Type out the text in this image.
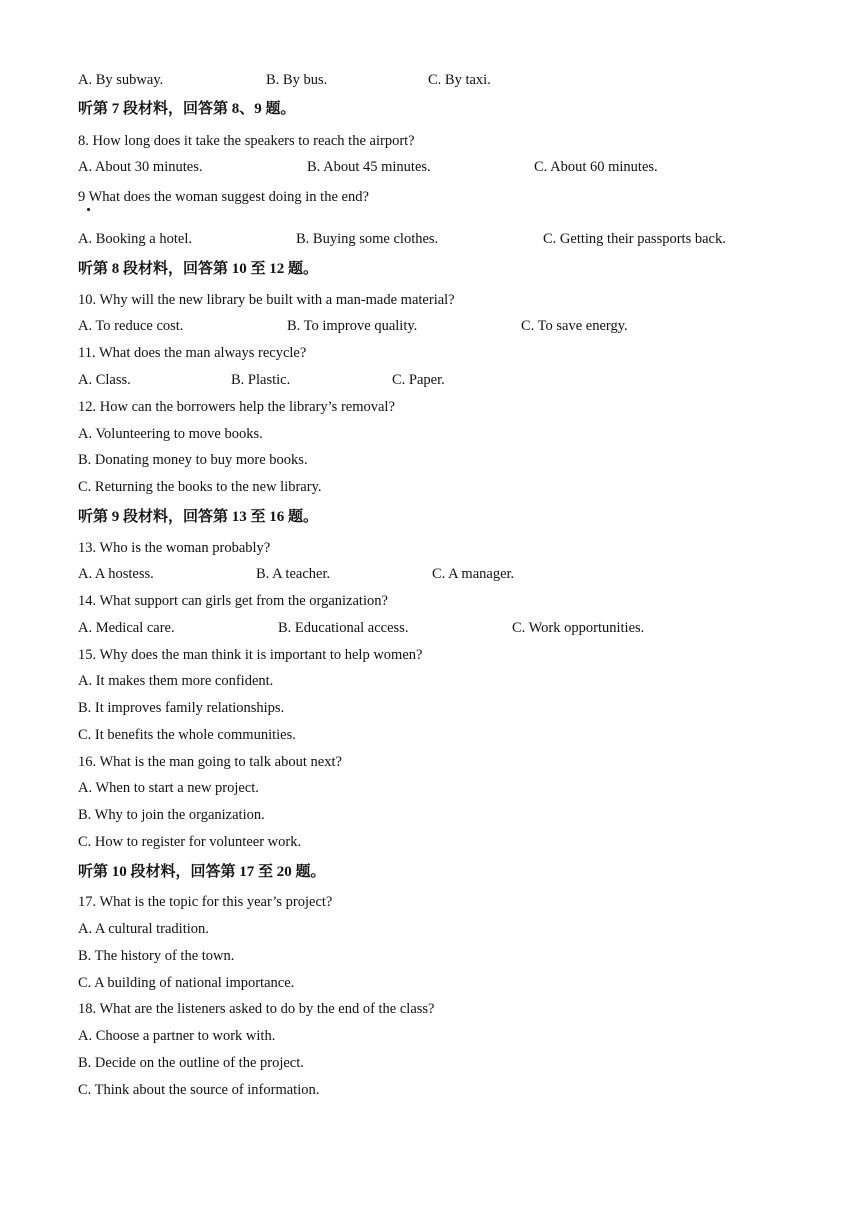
A. By subway.	B. By bus.	C. By taxi.
听第 7 段材料，回答第 8、9 题。
8. How long does it take the speakers to reach the airport?
A. About 30 minutes.	B. About 45 minutes.	C. About 60 minutes.
9 What does the woman suggest doing in the end?
A. Booking a hotel.	B. Buying some clothes.	C. Getting their passports back.
听第 8 段材料，回答第 10 至 12 题。
10. Why will the new library be built with a man-made material?
A. To reduce cost.	B. To improve quality.	C. To save energy.
11. What does the man always recycle?
A. Class.	B. Plastic.	C. Paper.
12. How can the borrowers help the library’s removal?
A. Volunteering to move books.
B. Donating money to buy more books.
C. Returning the books to the new library.
听第 9 段材料，回答第 13 至 16 题。
13. Who is the woman probably?
A. A hostess.	B. A teacher.	C. A manager.
14. What support can girls get from the organization?
A. Medical care.	B. Educational access.	C. Work opportunities.
15. Why does the man think it is important to help women?
A. It makes them more confident.
B. It improves family relationships.
C. It benefits the whole communities.
16. What is the man going to talk about next?
A. When to start a new project.
B. Why to join the organization.
C. How to register for volunteer work.
听第 10 段材料，回答第 17 至 20 题。
17. What is the topic for this year’s project?
A. A cultural tradition.
B. The history of the town.
C. A building of national importance.
18. What are the listeners asked to do by the end of the class?
A. Choose a partner to work with.
B. Decide on the outline of the project.
C. Think about the source of information.
